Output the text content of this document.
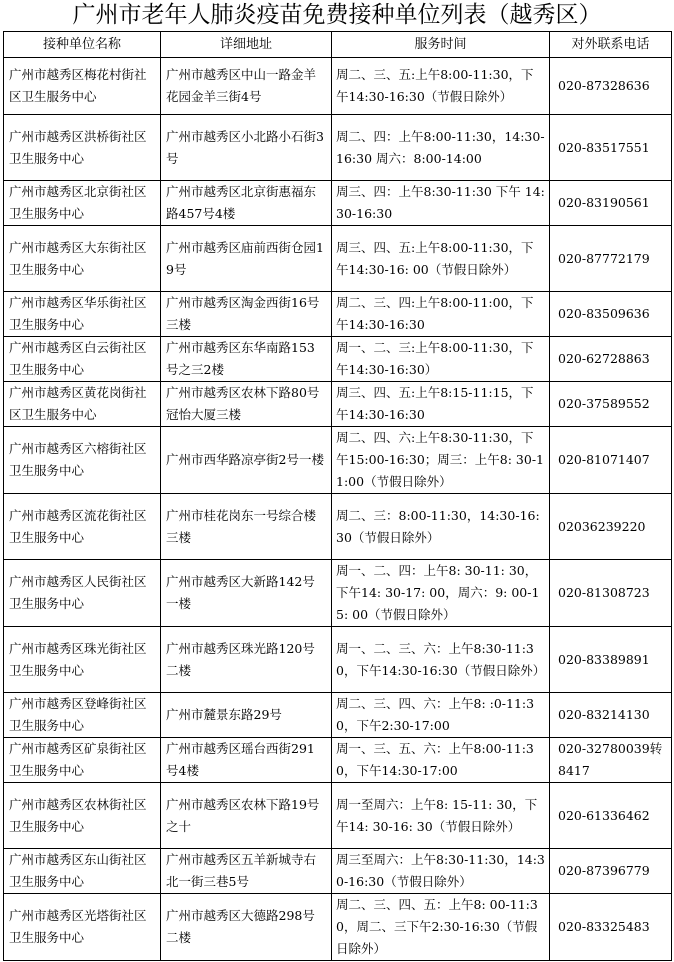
广州市老年人肺炎疫苗免费接种单位列表（越秀区）
接种单位名称	详细地址	服务时间	对外联系电话
广州市越秀区梅花村街社区卫生服务中心	广州市越秀区中山一路金羊花园金羊三街4号	周二、三、五:上午8:00-11:30，下午14:30-16:30（节假日除外）	020-87328636
广州市越秀区洪桥街社区卫生服务中心	广州市越秀区小北路小石街3号	周二、四：上午8:00-11:30，14:30-16:30 周六：8:00-14:00	020-83517551
广州市越秀区北京街社区卫生服务中心	广州市越秀区北京街惠福东路457号4楼	周三、四：上午8:30-11:30 下午 14:30-16:30	020-83190561
广州市越秀区大东街社区卫生服务中心	广州市越秀区庙前西街仓园19号	周三、四、五:上午8:00-11:30，下午14:30-16: 00（节假日除外）	020-87772179
广州市越秀区华乐街社区卫生服务中心	广州市越秀区淘金西街16号三楼	周二、三、四:上午8:00-11:00，下午14:30-16:30	020-83509636
广州市越秀区白云街社区卫生服务中心	广州市越秀区东华南路153号之三2楼	周一、二、三:上午8:00-11:30，下午14:30-16:30）	020-62728863
广州市越秀区黄花岗街社区卫生服务中心	广州市越秀区农林下路80号冠怡大厦三楼	周三、四、五:上午8:15-11:15，下午14:30-16:30	020-37589552
广州市越秀区六榕街社区卫生服务中心	广州市西华路凉亭街2号一楼	周二、四、六:上午8:30-11:30，下午15:00-16:30；周三：上午8: 30-11:00（节假日除外）	020-81071407
广州市越秀区流花街社区卫生服务中心	广州市桂花岗东一号综合楼三楼	周二、三：8:00-11:30，14:30-16:30（节假日除外）	02036239220
广州市越秀区人民街社区卫生服务中心	广州市越秀区大新路142号一楼	周一、二、四：上午8: 30-11: 30，下午14: 30-17: 00，周六：9: 00-15: 00（节假日除外）	020-81308723
广州市越秀区珠光街社区卫生服务中心	广州市越秀区珠光路120号二楼	周一、二、三、六：上午8:30-11:30，下午14:30-16:30（节假日除外）	020-83389891
广州市越秀区登峰街社区卫生服务中心	广州市麓景东路29号	周二、三、四、六：上午8: :0-11:30，下午2:30-17:00	020-83214130
广州市越秀区矿泉街社区卫生服务中心	广州市越秀区瑶台西街291号4楼	周一、三、五、六：上午8:00-11:30，下午14:30-17:00	020-32780039转8417
广州市越秀区农林街社区卫生服务中心	广州市越秀区农林下路19号之十	周一至周六：上午8: 15-11: 30，下午14: 30-16: 30（节假日除外）	020-61336462
广州市越秀区东山街社区卫生服务中心	广州市越秀区五羊新城寺右北一街三巷5号	周三至周六：上午8:30-11:30，14:30-16:30（节假日除外）	020-87396779
广州市越秀区光塔街社区卫生服务中心	广州市越秀区大德路298号二楼	周二、三、四、五：上午8: 00-11:30，周二、三下午2:30-16:30（节假日除外）	020-83325483
